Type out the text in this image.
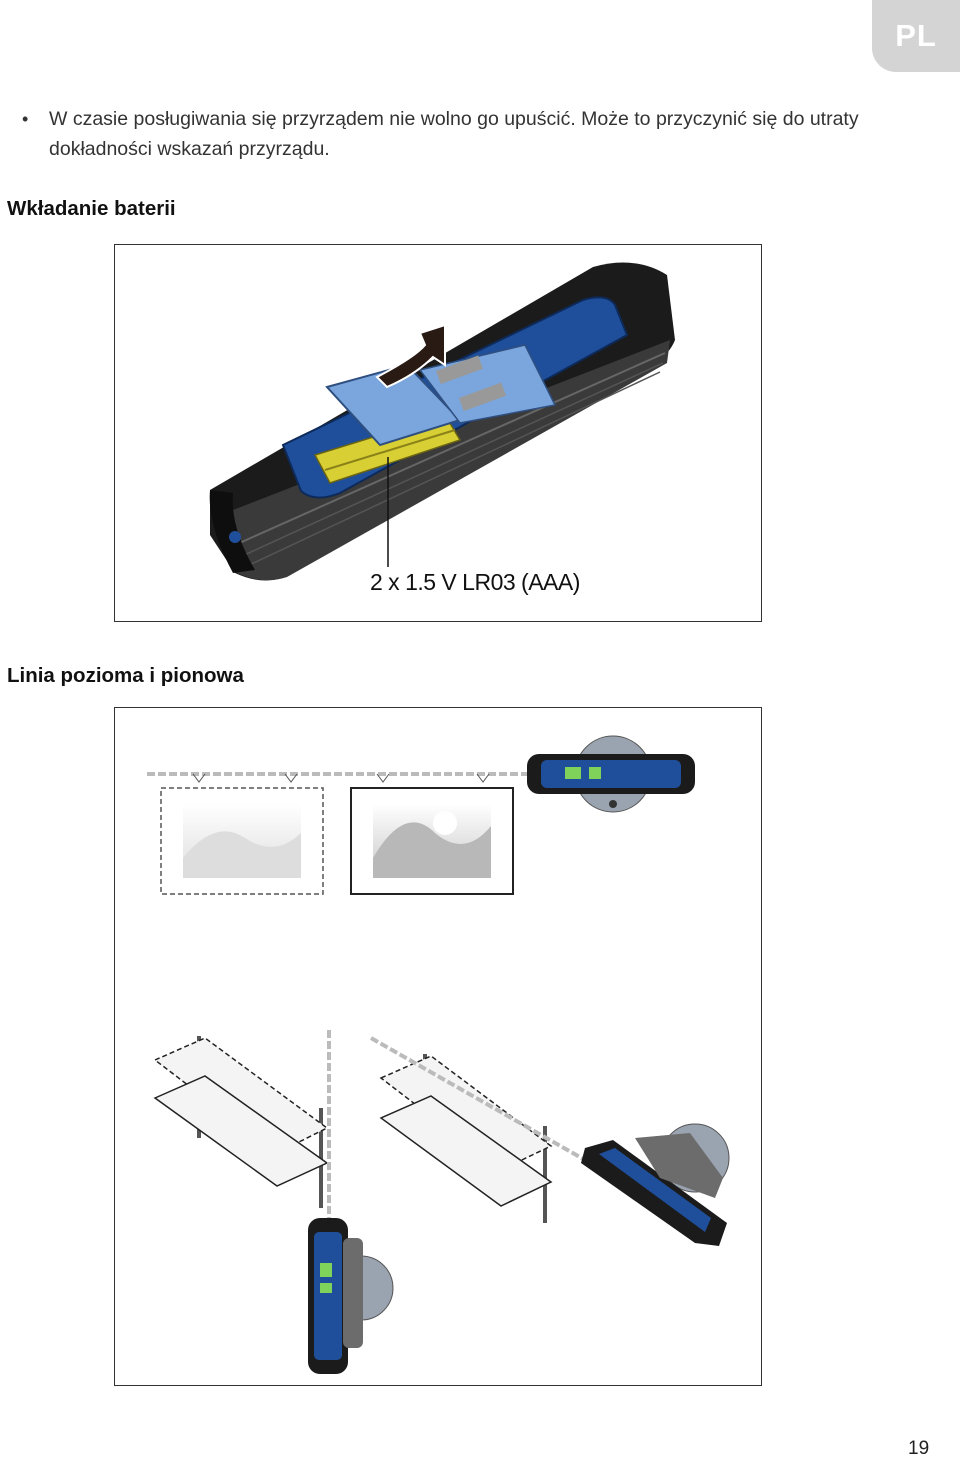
PL
• W czasie posługiwania się przyrządem nie wolno go upuścić. Może to przyczynić się do utraty dokładności wskazań przyrządu.
Wkładanie baterii
2 x 1.5 V LR03 (AAA)
Linia pozioma i pionowa
19
